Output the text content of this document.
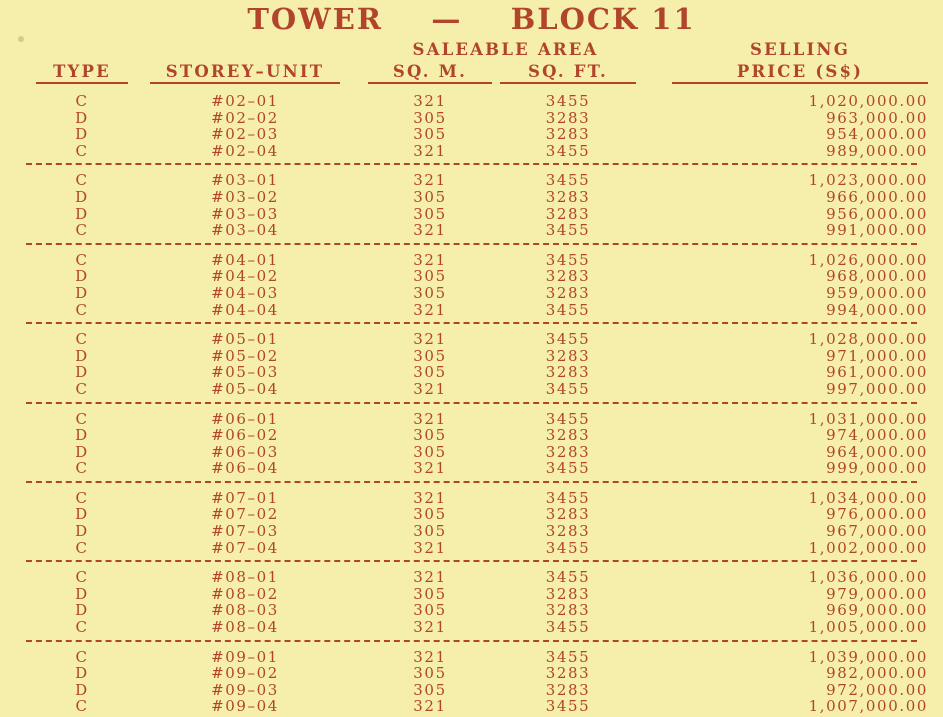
TOWER    —    BLOCK 11
SALEABLE AREA	SELLING
TYPE	STOREY–UNIT	SQ. M.	SQ. FT.	PRICE (S$)
C	#02–01	321	3455	1,020,000.00
D	#02–02	305	3283	963,000.00
D	#02–03	305	3283	954,000.00
C	#02–04	321	3455	989,000.00
C	#03–01	321	3455	1,023,000.00
D	#03–02	305	3283	966,000.00
D	#03–03	305	3283	956,000.00
C	#03–04	321	3455	991,000.00
C	#04–01	321	3455	1,026,000.00
D	#04–02	305	3283	968,000.00
D	#04–03	305	3283	959,000.00
C	#04–04	321	3455	994,000.00
C	#05–01	321	3455	1,028,000.00
D	#05–02	305	3283	971,000.00
D	#05–03	305	3283	961,000.00
C	#05–04	321	3455	997,000.00
C	#06–01	321	3455	1,031,000.00
D	#06–02	305	3283	974,000.00
D	#06–03	305	3283	964,000.00
C	#06–04	321	3455	999,000.00
C	#07–01	321	3455	1,034,000.00
D	#07–02	305	3283	976,000.00
D	#07–03	305	3283	967,000.00
C	#07–04	321	3455	1,002,000.00
C	#08–01	321	3455	1,036,000.00
D	#08–02	305	3283	979,000.00
D	#08–03	305	3283	969,000.00
C	#08–04	321	3455	1,005,000.00
C	#09–01	321	3455	1,039,000.00
D	#09–02	305	3283	982,000.00
D	#09–03	305	3283	972,000.00
C	#09–04	321	3455	1,007,000.00
